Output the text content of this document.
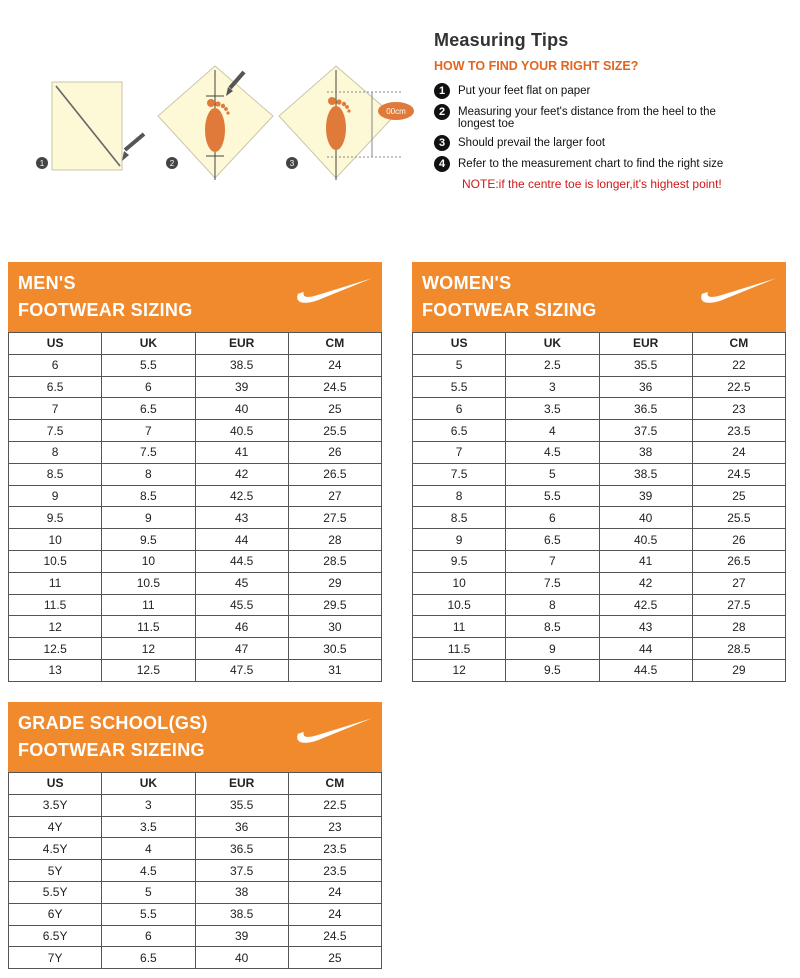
1	2
00cm
3
Measuring Tips
HOW TO FIND YOUR RIGHT SIZE?
1	Put your feet flat on paper
2	Measuring your feet's distance from the heel to the longest toe
3	Should prevail the larger foot
4	Refer to the measurement chart to find the right size
NOTE:if the centre toe is longer,it's highest point!
MEN'S
FOOTWEAR SIZING
US	UK	EUR	CM
6	5.5	38.5	24
6.5	6	39	24.5
7	6.5	40	25
7.5	7	40.5	25.5
8	7.5	41	26
8.5	8	42	26.5
9	8.5	42.5	27
9.5	9	43	27.5
10	9.5	44	28
10.5	10	44.5	28.5
11	10.5	45	29
11.5	11	45.5	29.5
12	11.5	46	30
12.5	12	47	30.5
13	12.5	47.5	31
WOMEN'S
FOOTWEAR SIZING
US	UK	EUR	CM
5	2.5	35.5	22
5.5	3	36	22.5
6	3.5	36.5	23
6.5	4	37.5	23.5
7	4.5	38	24
7.5	5	38.5	24.5
8	5.5	39	25
8.5	6	40	25.5
9	6.5	40.5	26
9.5	7	41	26.5
10	7.5	42	27
10.5	8	42.5	27.5
11	8.5	43	28
11.5	9	44	28.5
12	9.5	44.5	29
GRADE SCHOOL(GS)
FOOTWEAR SIZEING
US	UK	EUR	CM
3.5Y	3	35.5	22.5
4Y	3.5	36	23
4.5Y	4	36.5	23.5
5Y	4.5	37.5	23.5
5.5Y	5	38	24
6Y	5.5	38.5	24
6.5Y	6	39	24.5
7Y	6.5	40	25
